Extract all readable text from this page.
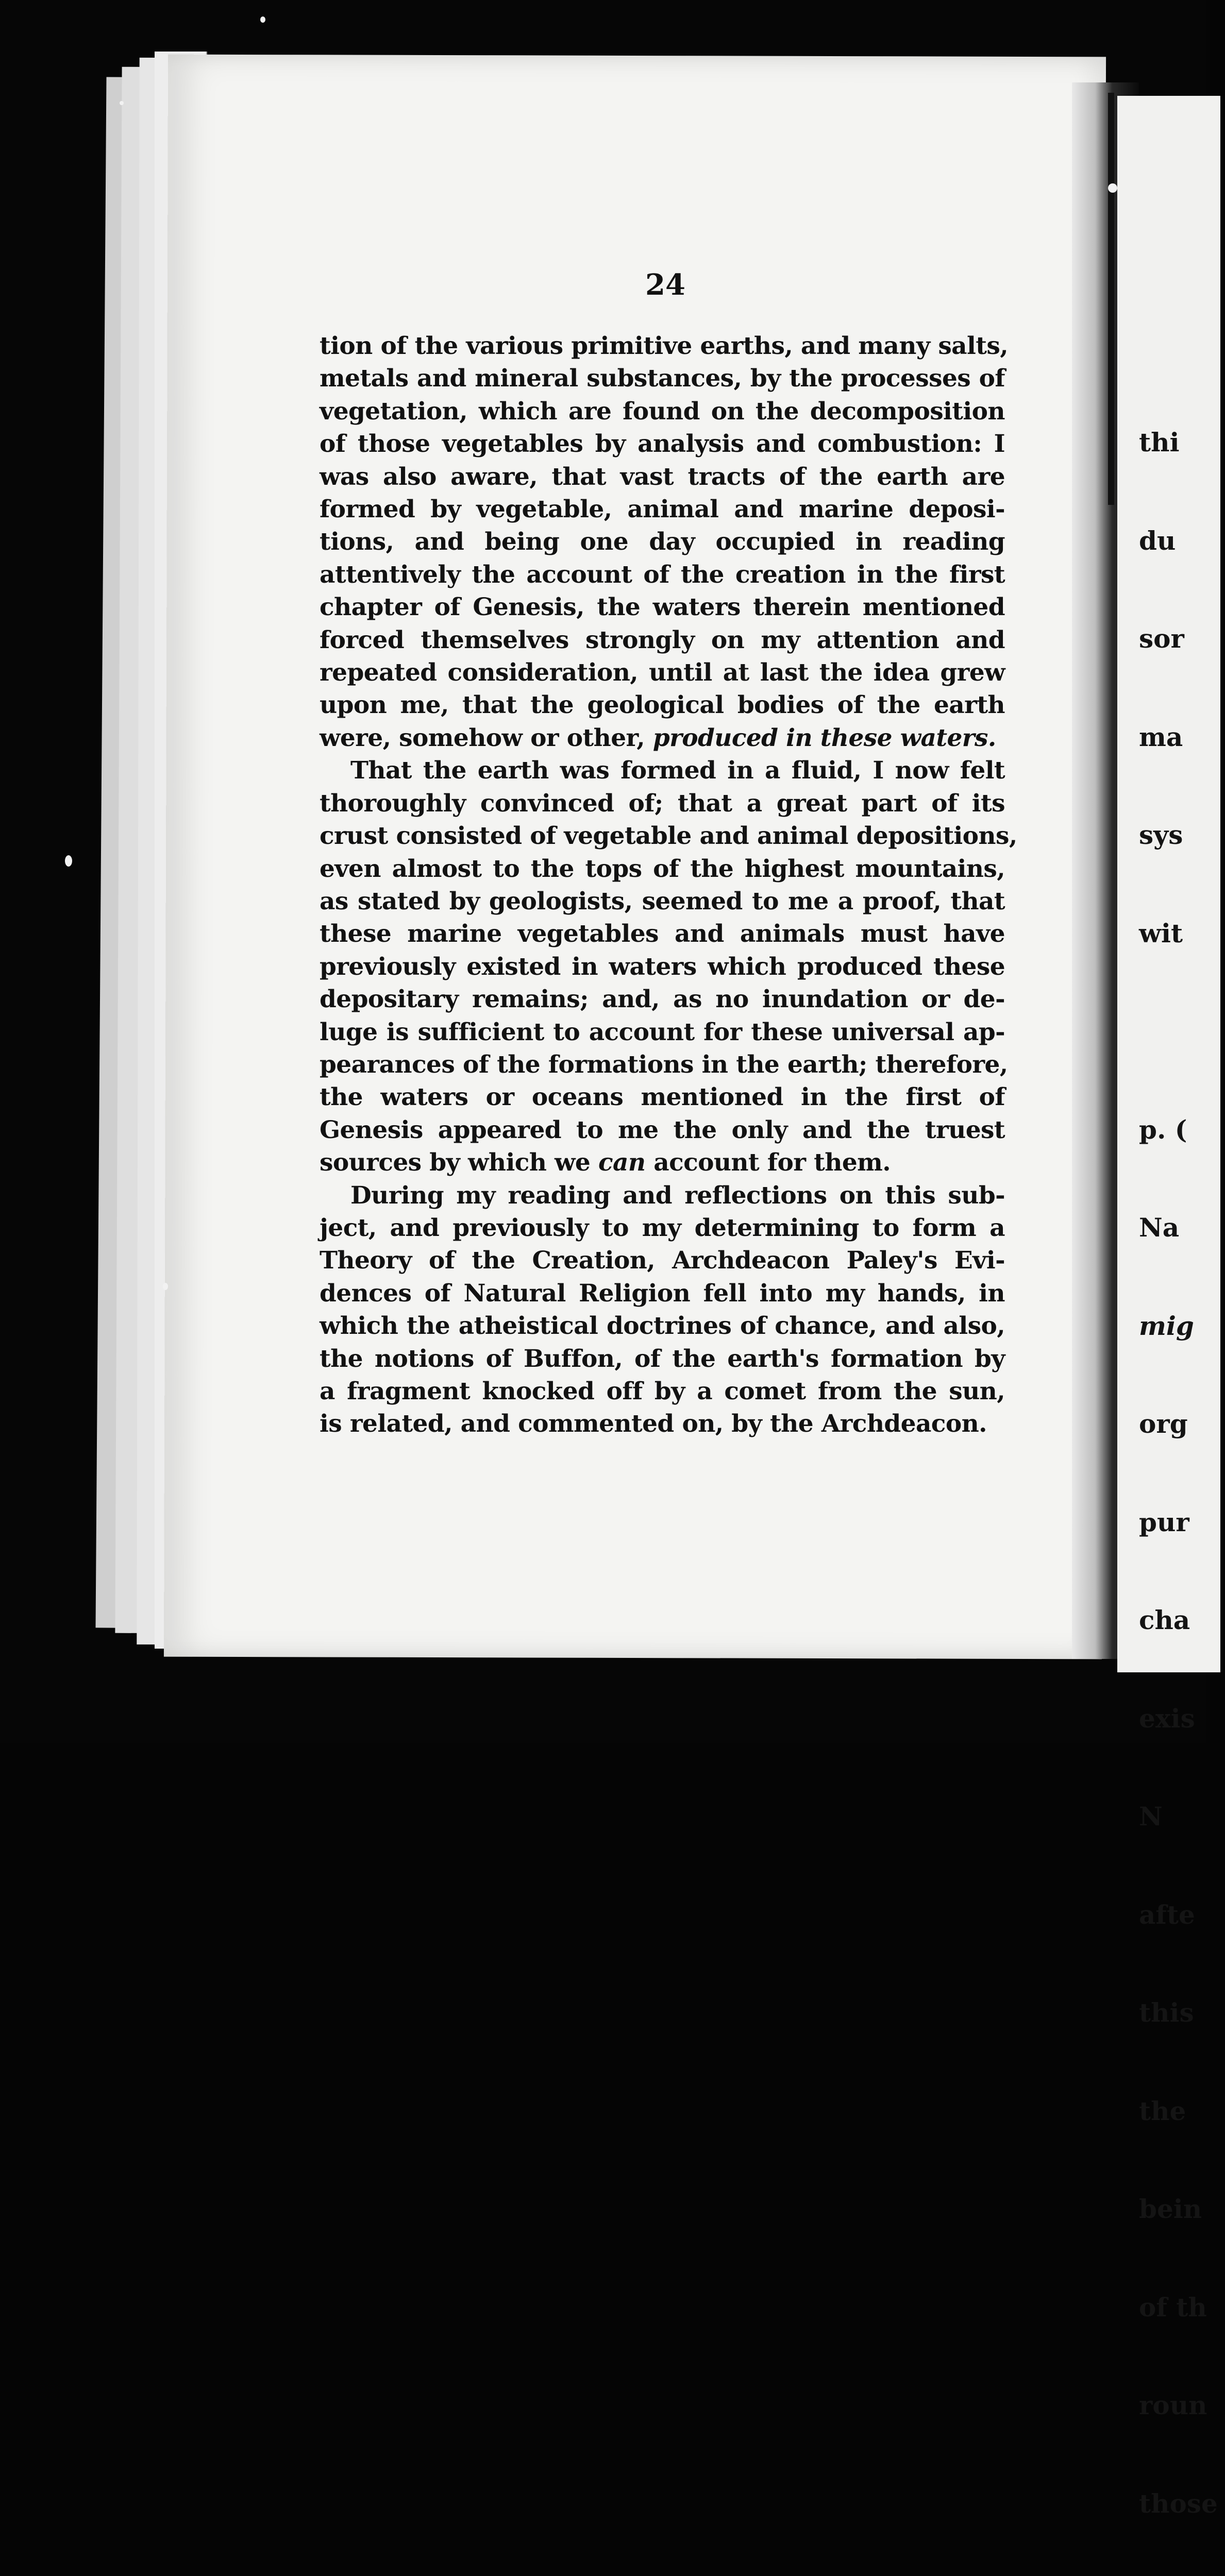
thi

du

sor

ma

sys

wit

p. (

Na

mig

org

pur

cha

exis

N

afte

this

the

bein

of th

roun

those

24
tion of the various primitive earths, and many salts,
metals and mineral substances, by the processes of
vegetation, which are found on the decomposition
of those vegetables by analysis and combustion: I
was also aware, that vast tracts of the earth are
formed by vegetable, animal and marine deposi-
tions, and being one day occupied in reading
attentively the account of the creation in the first
chapter of Genesis, the waters therein mentioned
forced themselves strongly on my attention and
repeated consideration, until at last the idea grew
upon me, that the geological bodies of the earth
were, somehow or other, produced in these waters.
That the earth was formed in a fluid, I now felt
thoroughly convinced of; that a great part of its
crust consisted of vegetable and animal depositions,
even almost to the tops of the highest mountains,
as stated by geologists, seemed to me a proof, that
these marine vegetables and animals must have
previously existed in waters which produced these
depositary remains; and, as no inundation or de-
luge is sufficient to account for these universal ap-
pearances of the formations in the earth; therefore,
the waters or oceans mentioned in the first of
Genesis appeared to me the only and the truest
sources by which we can account for them.
During my reading and reflections on this sub-
ject, and previously to my determining to form a
Theory of the Creation, Archdeacon Paley's Evi-
dences of Natural Religion fell into my hands, in
which the atheistical doctrines of chance, and also,
the notions of Buffon, of the earth's formation by
a fragment knocked off by a comet from the sun,
is related, and commented on, by the Archdeacon.
